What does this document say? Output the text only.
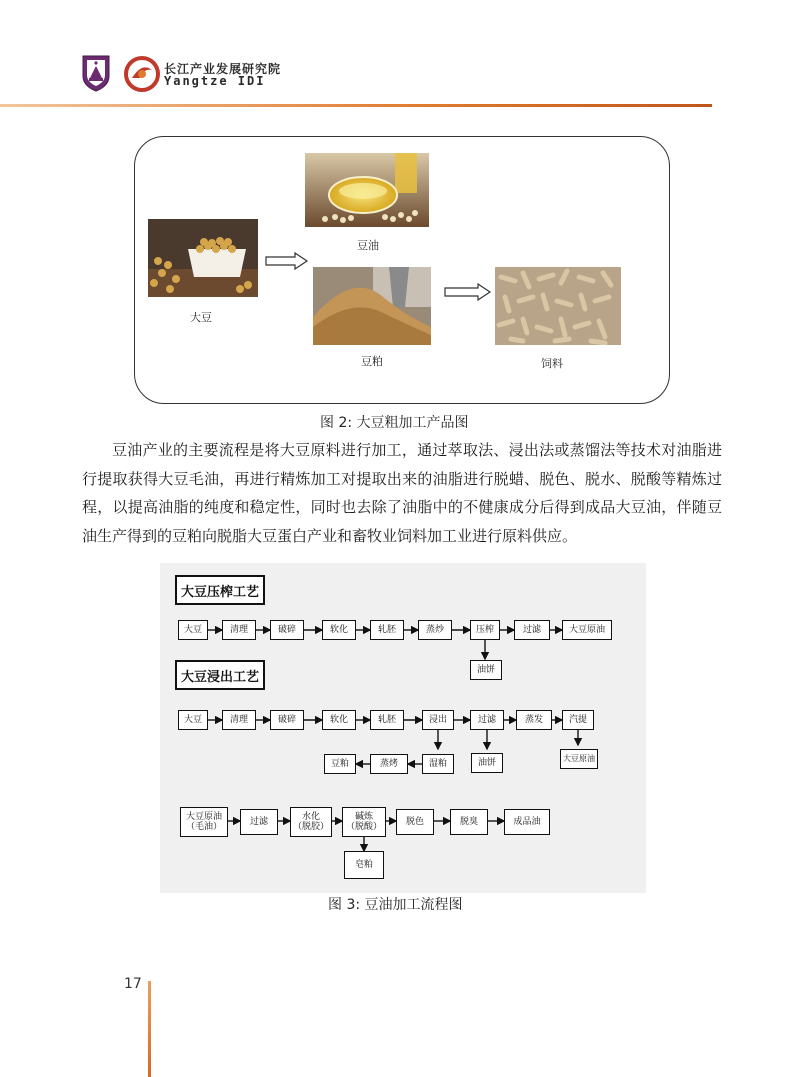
长江产业发展研究院
Yangtze IDI
豆油
大豆
豆粕	饲料
图 2: 大豆粗加工产品图

豆油产业的主要流程是将大豆原料进行加工，通过萃取法、浸出法或蒸馏法等技术对油脂进行提取获得大豆毛油，再进行精炼加工对提取出来的油脂进行脱蜡、脱色、脱水、脱酸等精炼过程，以提高油脂的纯度和稳定性，同时也去除了油脂中的不健康成分后得到成品大豆油，伴随豆油生产得到的豆粕向脱脂大豆蛋白产业和畜牧业饲料加工业进行原料供应。

大豆压榨工艺
大豆浸出工艺
大豆	清理	破碎	软化	轧胚	蒸炒	压榨	过滤	大豆原油
油饼
大豆	清理	破碎	软化	轧胚	浸出	过滤	蒸发	汽提
油饼	大豆原油
湿粕
蒸烤
豆粕
大豆原油
（毛油）
过滤
水化
（脱胶）
碱炼
（脱酸）
脱色	脱臭	成品油
皂粕
图 3: 豆油加工流程图
17
